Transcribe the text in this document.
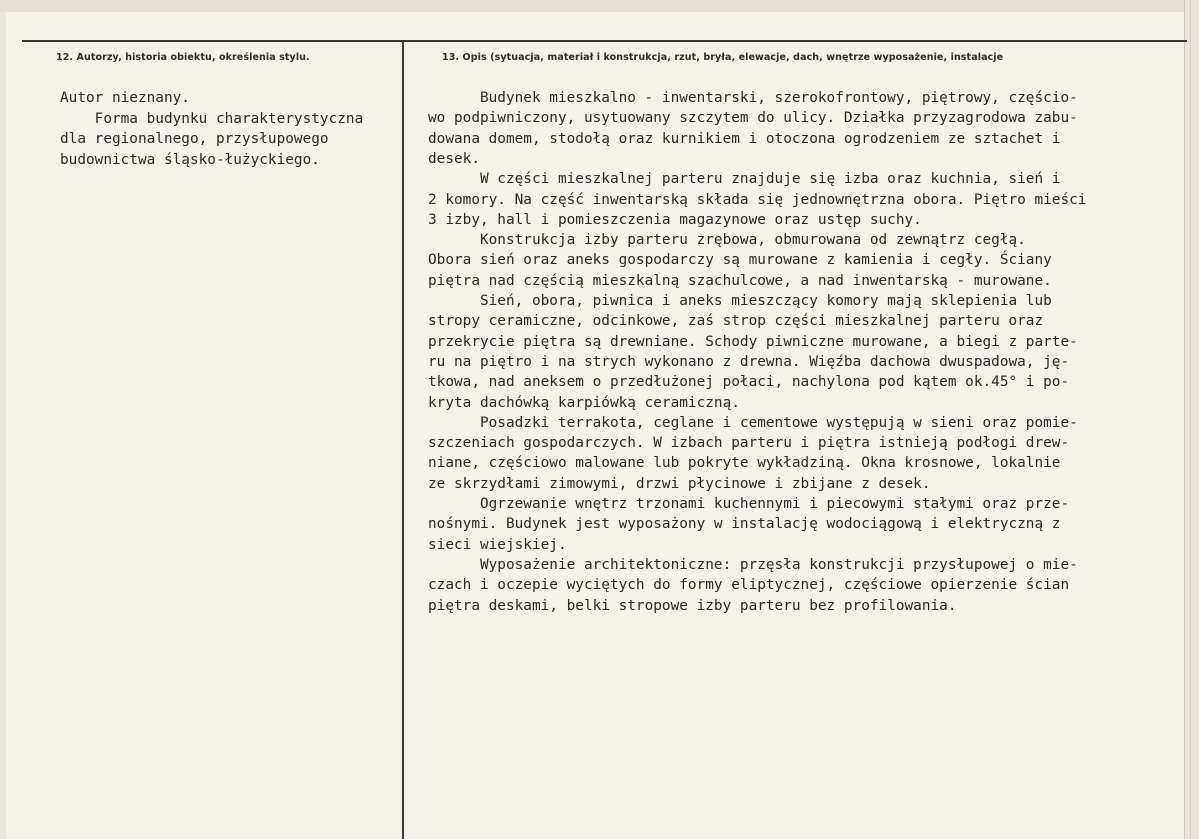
12. Autorzy, historia obiektu, określenia stylu.	13. Opis (sytuacja, materiał i konstrukcja, rzut, bryła, elewacje, dach, wnętrze wyposażenie, instalacje
Autor nieznany.
Forma budynku charakterystyczna
dla regionalnego, przysłupowego
budownictwa śląsko-łużyckiego.
Budynek mieszkalno - inwentarski, szerokofrontowy, piętrowy, częścio-
wo podpiwniczony, usytuowany szczytem do ulicy. Działka przyzagrodowa zabu-
dowana domem, stodołą oraz kurnikiem i otoczona ogrodzeniem ze sztachet i
desek.
W części mieszkalnej parteru znajduje się izba oraz kuchnia, sień i
2 komory. Na część inwentarską składa się jednownętrzna obora. Piętro mieści
3 izby, hall i pomieszczenia magazynowe oraz ustęp suchy.
Konstrukcja izby parteru zrębowa, obmurowana od zewnątrz cegłą.
Obora sień oraz aneks gospodarczy są murowane z kamienia i cegły. Ściany
piętra nad częścią mieszkalną szachulcowe, a nad inwentarską - murowane.
Sień, obora, piwnica i aneks mieszczący komory mają sklepienia lub
stropy ceramiczne, odcinkowe, zaś strop części mieszkalnej parteru oraz
przekrycie piętra są drewniane. Schody piwniczne murowane, a biegi z parte-
ru na piętro i na strych wykonano z drewna. Więźba dachowa dwuspadowa, ję-
tkowa, nad aneksem o przedłużonej połaci, nachylona pod kątem ok.45° i po-
kryta dachówką karpiówką ceramiczną.
Posadzki terrakota, ceglane i cementowe występują w sieni oraz pomie-
szczeniach gospodarczych. W izbach parteru i piętra istnieją podłogi drew-
niane, częściowo malowane lub pokryte wykładziną. Okna krosnowe, lokalnie
ze skrzydłami zimowymi, drzwi płycinowe i zbijane z desek.
Ogrzewanie wnętrz trzonami kuchennymi i piecowymi stałymi oraz prze-
nośnymi. Budynek jest wyposażony w instalację wodociągową i elektryczną z
sieci wiejskiej.
Wyposażenie architektoniczne: przęsła konstrukcji przysłupowej o mie-
czach i oczepie wyciętych do formy eliptycznej, częściowe opierzenie ścian
piętra deskami, belki stropowe izby parteru bez profilowania.
